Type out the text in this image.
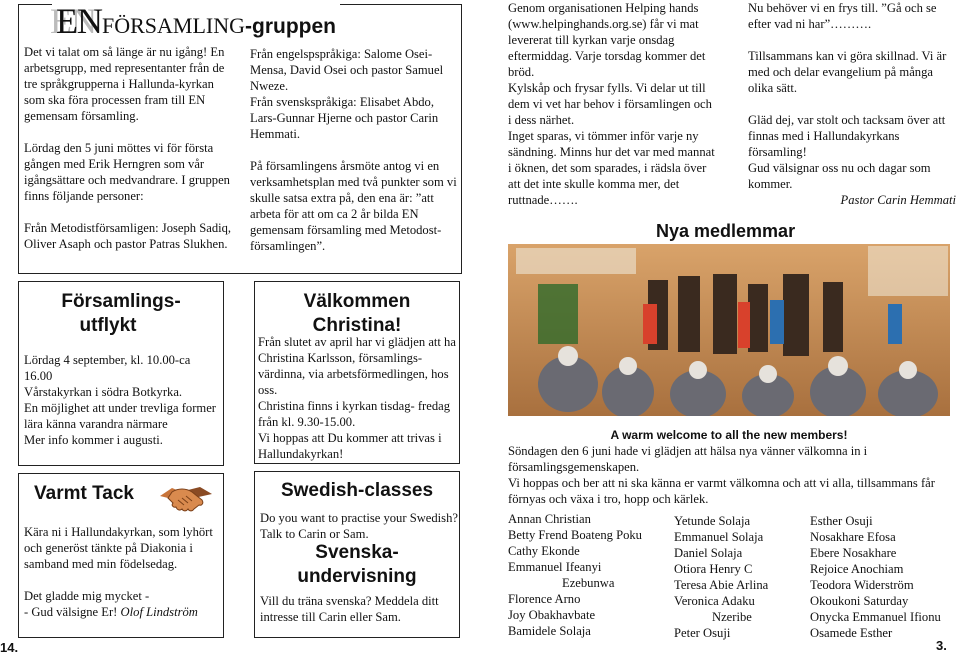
ENFÖRSAMLING-gruppen

Det vi talat om så länge är nu igång! En arbetsgrupp, med representanter från de tre språkgrupperna i Hallunda-kyrkan som ska föra processen fram till EN gemensam församling.

Lördag den 5 juni möttes vi för första gången med Erik Herngren som vår igångsättare och medvandrare. I gruppen finns följande personer:

Från Metodistförsamligen: Joseph Sadiq, Oliver Asaph och pastor Patras Slukhen.

Från engelspspråkiga: Salome Osei-Mensa, David Osei och pastor Samuel Nweze.

Från svenskspråkiga: Elisabet Abdo, Lars-Gunnar Hjerne och pastor Carin Hemmati.

På församlingens årsmöte antog vi en verksamhetsplan med två punkter som vi skulle satsa extra på, den ena är: ”att arbeta för att om ca 2 år bilda EN gemensam församling med Metodost-församlingen”.

Församlings-
utflykt

Lördag 4 september, kl. 10.00-ca 16.00

Vårstakyrkan i södra Botkyrka.

En möjlighet att under trevliga former lära känna varandra närmare

Mer info kommer i augusti.

Varmt Tack

Kära ni i Hallundakyrkan, som lyhört och generöst tänkte på Diakonia i samband med min födelsedag.

Det gladde mig mycket -

- Gud välsigne Er! Olof Lindström

Välkommen
Christina!

Från slutet av april har vi glädjen att ha Christina Karlsson, församlings-värdinna, via arbetsförmedlingen, hos oss.

Christina finns i kyrkan tisdag- fredag från kl. 9.30-15.00.

Vi hoppas att Du kommer att trivas i Hallundakyrkan!

Swedish-classes
Do you want to practise your Swedish? Talk to Carin or Sam.
Svenska-
undervisning
Vill du träna svenska? Meddela ditt intresse till Carin eller Sam.
14.

Genom organisationen Helping hands (www.helpinghands.org.se) får vi mat levererat till kyrkan varje onsdag eftermiddag. Varje torsdag kommer det bröd.

Kylskåp och frysar fylls. Vi delar ut till dem vi vet har behov i församlingen och i dess närhet.

Inget sparas, vi tömmer inför varje ny sändning. Minns hur det var med mannat i öknen, det som sparades, i rädsla över att det inte skulle komma mer, det ruttnade…….

Nu behöver vi en frys till. ”Gå och se efter vad ni har”……….

Tillsammans kan vi göra skillnad. Vi är med och delar evangelium på många olika sätt.

Gläd dej, var stolt och tacksam över att finnas med i Hallundakyrkans församling!

Gud välsignar oss nu och dagar som kommer.

Pastor Carin Hemmati

Nya medlemmar
A warm welcome to all the new members!

Söndagen den 6 juni hade vi glädjen att hälsa nya vänner välkomna in i församlingsgemenskapen.

Vi hoppas och ber att ni ska känna er varmt välkomna och att vi alla, tillsammans får förnyas och växa i tro, hopp och kärlek.

Annan Christian
Betty Frend Boateng Poku
Cathy Ekonde
Emmanuel Ifeanyi
Ezebunwa
Florence Arno
Joy Obakhavbate
Bamidele Solaja
Yetunde Solaja
Emmanuel Solaja
Daniel Solaja
Otiora Henry C
Teresa Abie Arlina
Veronica Adaku
Nzeribe
Peter Osuji
Esther Osuji
Nosakhare Efosa
Ebere Nosakhare
Rejoice Anochiam
Teodora Widerström
Okoukoni Saturday
Onycka Emmanuel Ifionu
Osamede Esther
3.
